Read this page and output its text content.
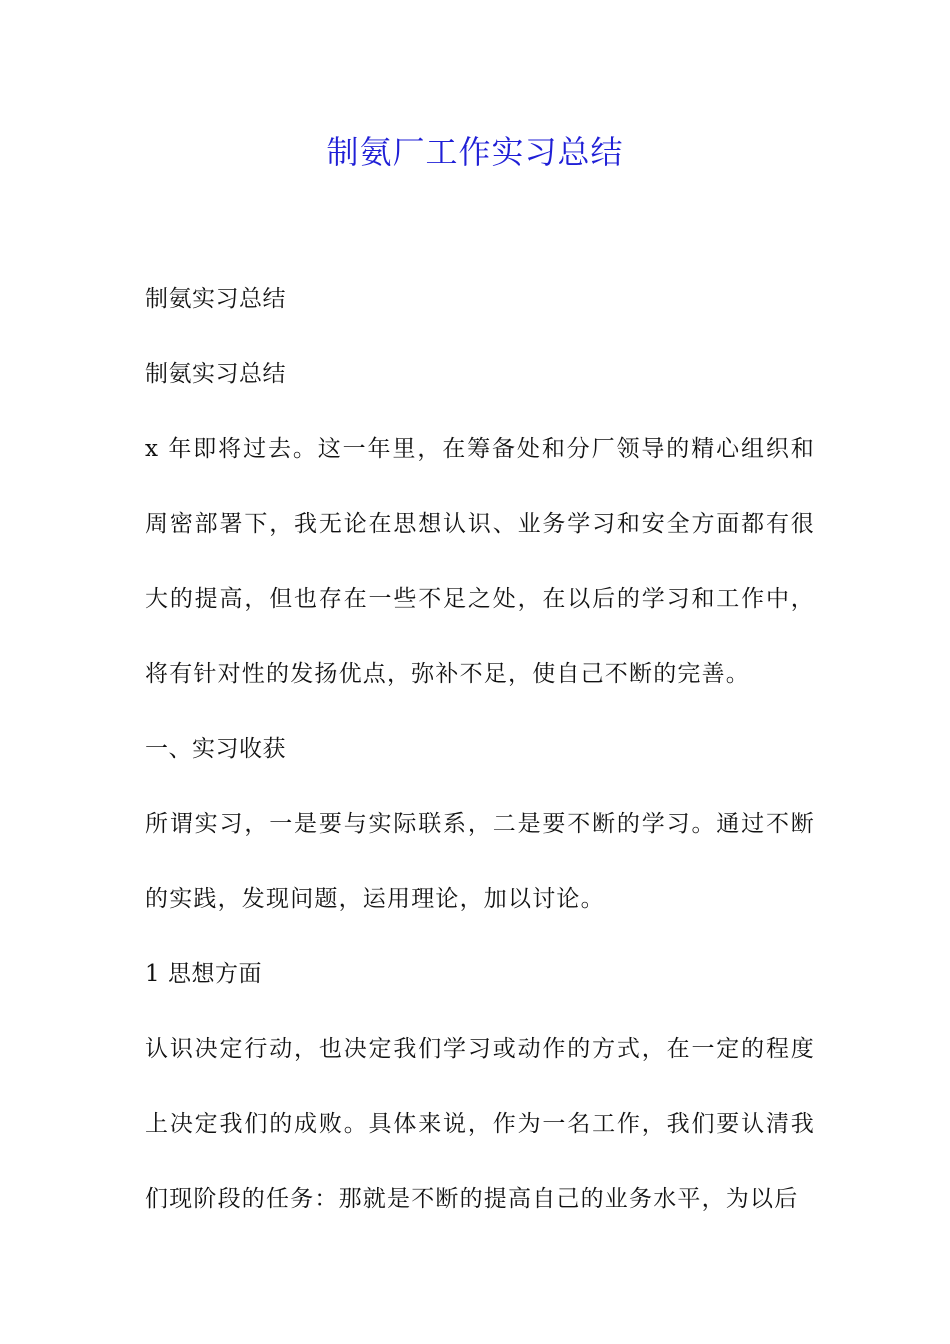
制氨厂工作实习总结

制氨实习总结

制氨实习总结

x 年即将过去。这一年里，在筹备处和分厂领导的精心组织和周密部署下，我无论在思想认识、业务学习和安全方面都有很大的提高，但也存在一些不足之处，在以后的学习和工作中，将有针对性的发扬优点，弥补不足，使自己不断的完善。

一、实习收获

所谓实习，一是要与实际联系，二是要不断的学习。通过不断的实践，发现问题，运用理论，加以讨论。

1 思想方面

认识决定行动，也决定我们学习或动作的方式，在一定的程度上决定我们的成败。具体来说，作为一名工作，我们要认清我们现阶段的任务：那就是不断的提高自己的业务水平，为以后
